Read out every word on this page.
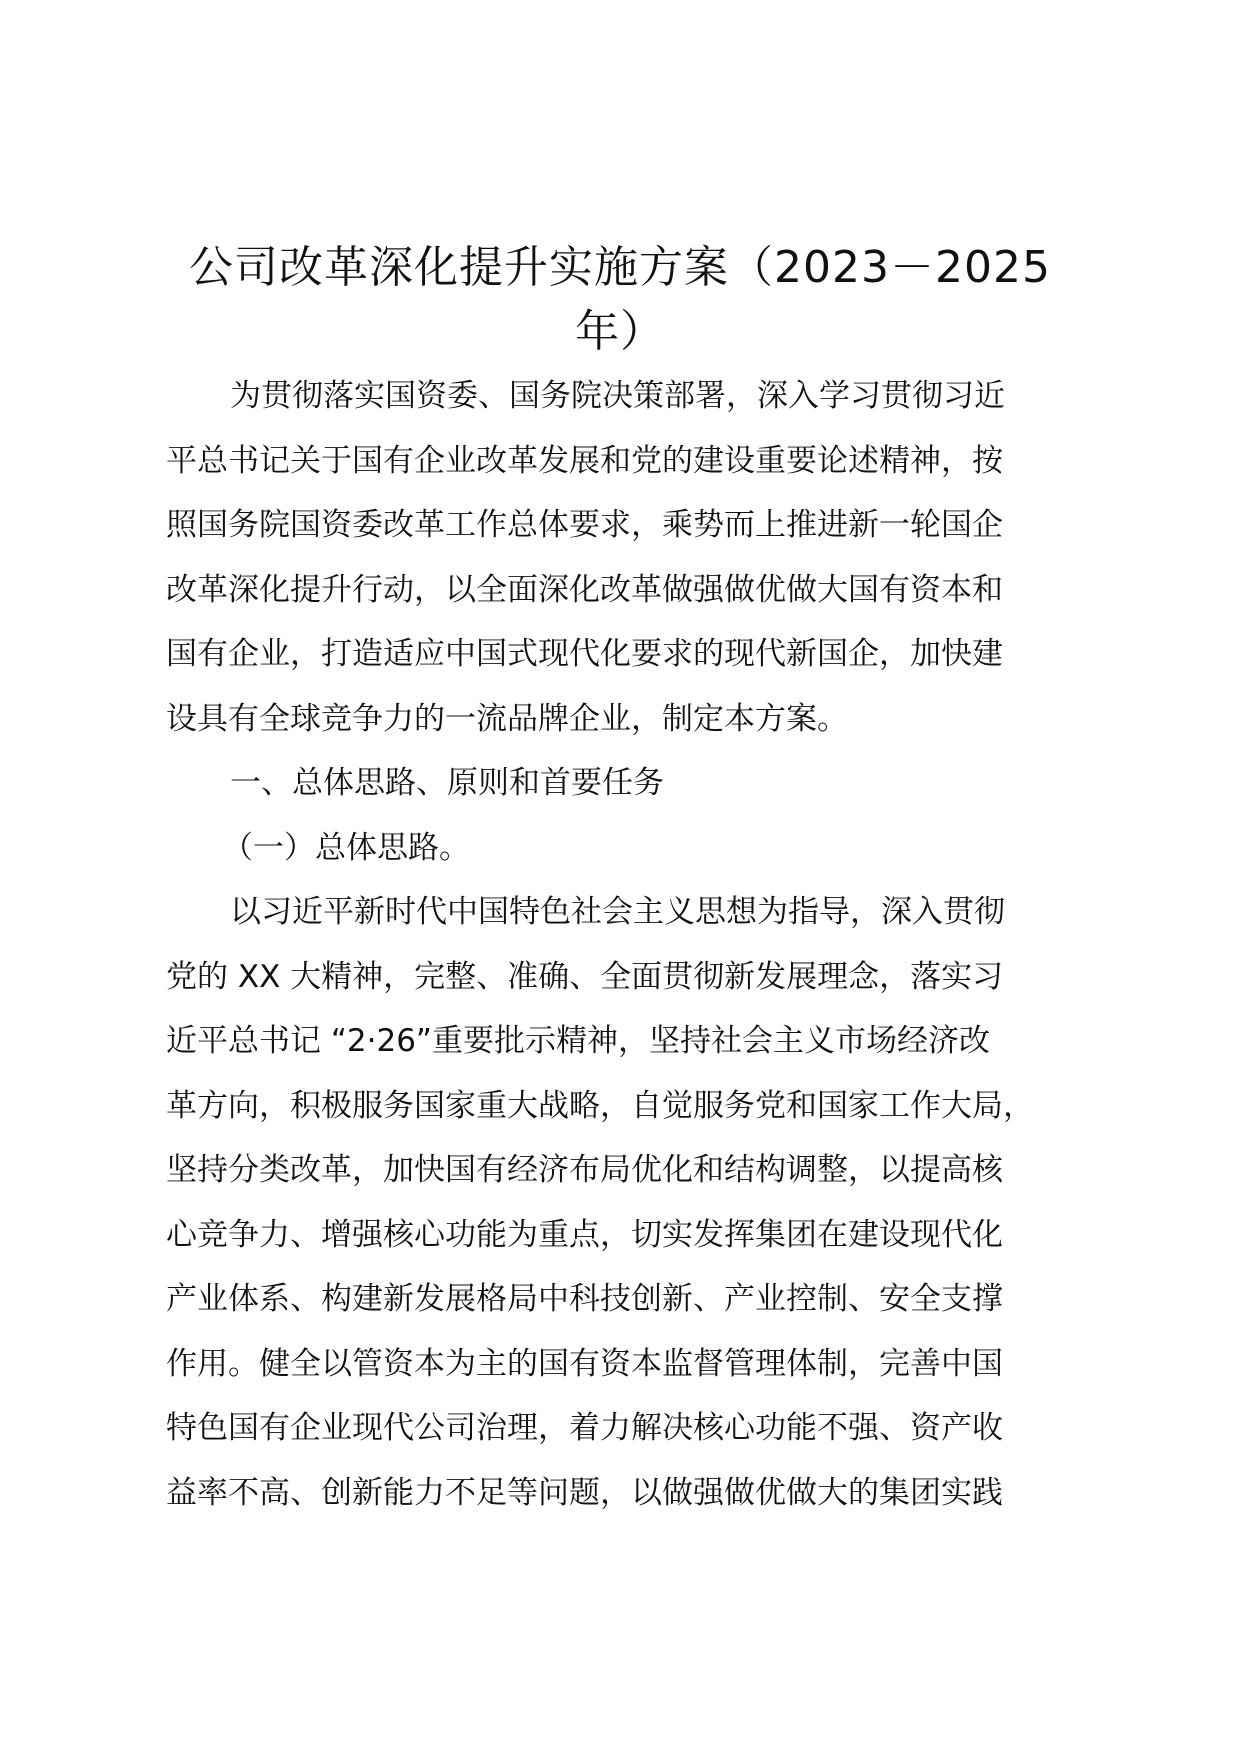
公司改革深化提升实施方案（2023－2025
年）
为贯彻落实国资委、国务院决策部署，深入学习贯彻习近
平总书记关于国有企业改革发展和党的建设重要论述精神，按
照国务院国资委改革工作总体要求，乘势而上推进新一轮国企
改革深化提升行动，以全面深化改革做强做优做大国有资本和
国有企业，打造适应中国式现代化要求的现代新国企，加快建
设具有全球竞争力的一流品牌企业，制定本方案。
一、总体思路、原则和首要任务
（一）总体思路。
以习近平新时代中国特色社会主义思想为指导，深入贯彻
党的 XX 大精神，完整、准确、全面贯彻新发展理念，落实习
近平总书记 “2·26”重要批示精神，坚持社会主义市场经济改
革方向，积极服务国家重大战略，自觉服务党和国家工作大局，
坚持分类改革，加快国有经济布局优化和结构调整，以提高核
心竞争力、增强核心功能为重点，切实发挥集团在建设现代化
产业体系、构建新发展格局中科技创新、产业控制、安全支撑
作用。健全以管资本为主的国有资本监督管理体制，完善中国
特色国有企业现代公司治理，着力解决核心功能不强、资产收
益率不高、创新能力不足等问题，以做强做优做大的集团实践
